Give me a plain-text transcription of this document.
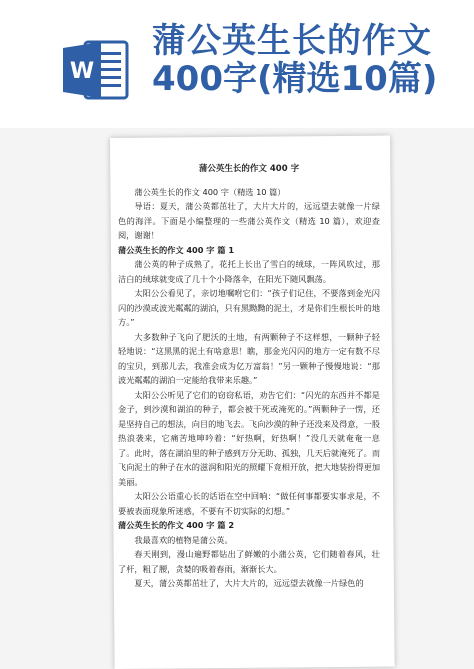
W
蒲公英生长的作文
400字(精选10篇)
蒲公英生长的作文 400 字

蒲公英生长的作文 400 字（精选 10 篇）

导语：夏天，蒲公英都茁壮了，大片大片的，远远望去就像一片绿色的海洋。下面是小编整理的一些蒲公英作文（精选 10 篇），欢迎查阅，谢谢！

蒲公英生长的作文 400 字 篇 1

蒲公英的种子成熟了，花托上长出了雪白的绒球，一阵风吹过，那洁白的绒球就变成了几十个小降落伞，在阳光下随风飘荡。

太阳公公看见了，亲切地嘱咐它们：“孩子们记住，不要落到金光闪闪的沙漠或波光粼粼的湖泊，只有黑黝黝的泥土，才是你们生根长叶的地方。”

大多数种子飞向了肥沃的土地，有两颗种子不这样想，一颗种子轻轻地说：“这黑黑的泥土有啥意思！瞧，那金光闪闪的地方一定有数不尽的宝贝，到那儿去，我准会成为亿万富翁！”另一颗种子慢慢地说：“那波光粼粼的湖泊一定能给我带来乐趣。”

太阳公公听见了它们的窃窃私语，劝告它们：“闪光的东西并不都是金子，到沙漠和湖泊的种子，都会被干死或淹死的。”两颗种子一愣，还是坚持自己的想法，向目的地飞去。飞向沙漠的种子还没来及得意，一股热浪袭来，它痛苦地呻吟着：“好热啊，好热啊！”没几天就奄奄一息了。此时，落在湖泊里的种子感到万分无助、孤独，几天后就淹死了。而飞向泥土的种子在水的滋润和阳光的照耀下竟相开放，把大地装扮得更加美丽。

太阳公公语重心长的话语在空中回响：“做任何事都要实事求是，不要被表面现象所迷惑，不要有不切实际的幻想。”

蒲公英生长的作文 400 字 篇 2

我最喜欢的植物是蒲公英。

春天刚到，漫山遍野都钻出了鲜嫩的小蒲公英，它们随着春风，壮了杆，粗了腰，贪婪的吸着春雨，渐渐长大。

夏天，蒲公英都茁壮了，大片大片的，远远望去就像一片绿色的
